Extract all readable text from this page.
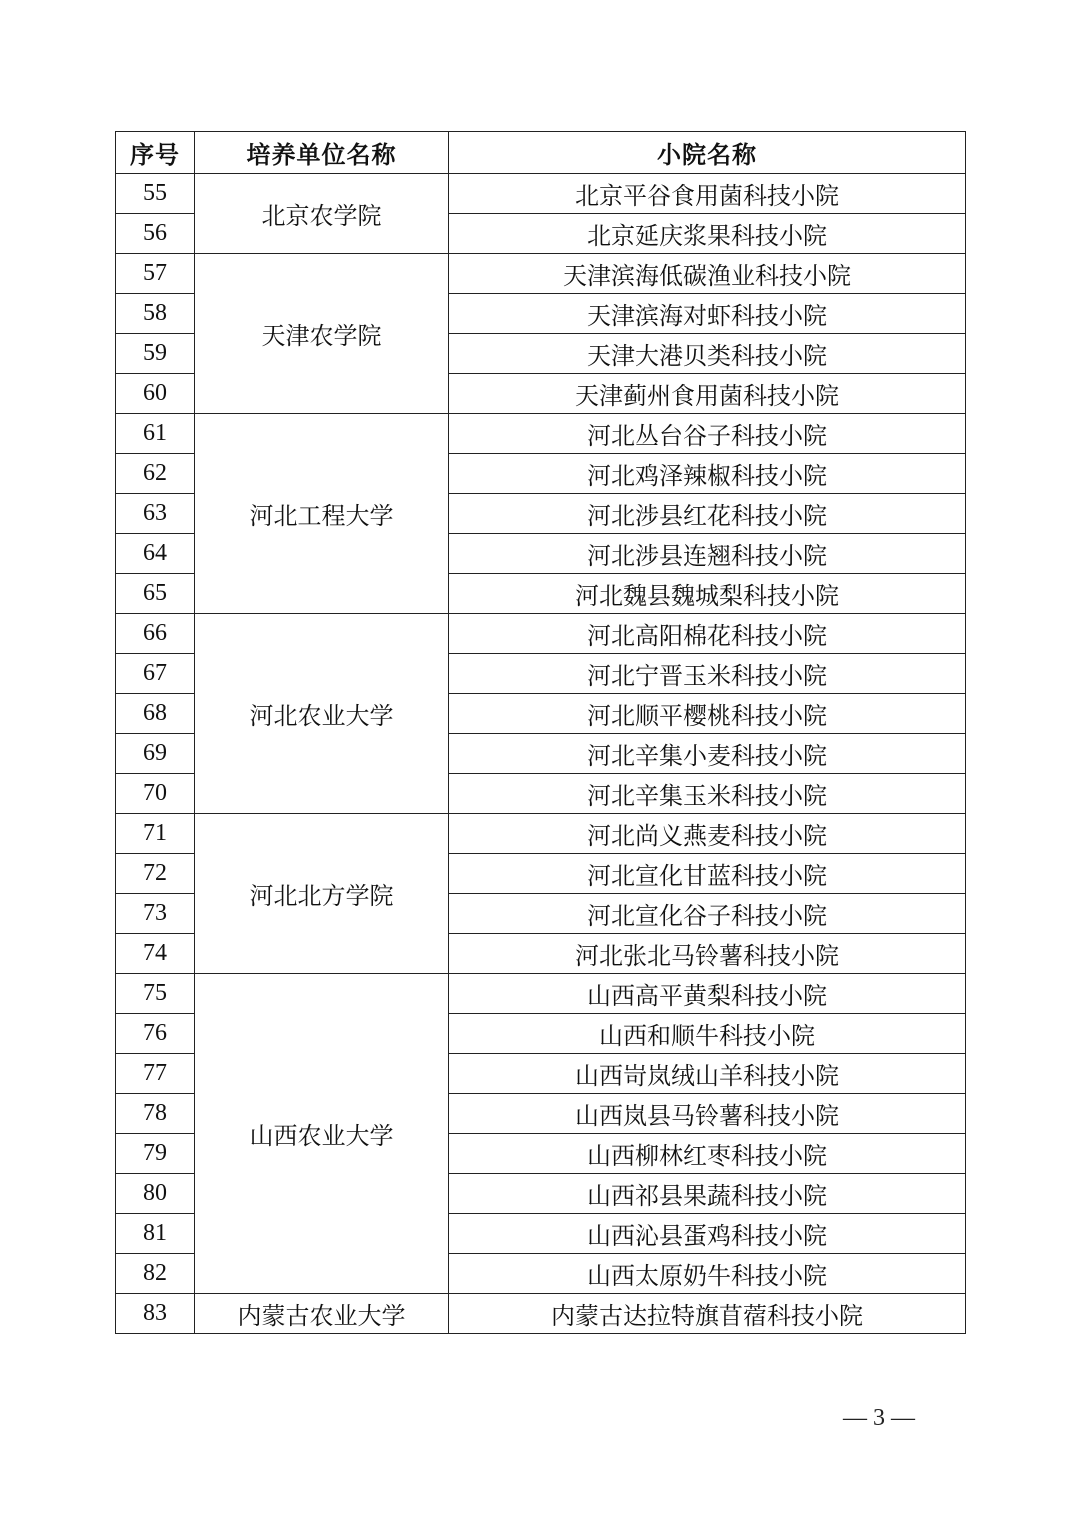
序号	培养单位名称	小院名称
55	北京农学院	北京平谷食用菌科技小院
56		北京延庆浆果科技小院
57	天津农学院	天津滨海低碳渔业科技小院
58		天津滨海对虾科技小院
59		天津大港贝类科技小院
60		天津蓟州食用菌科技小院
61	河北工程大学	河北丛台谷子科技小院
62		河北鸡泽辣椒科技小院
63		河北涉县红花科技小院
64		河北涉县连翘科技小院
65		河北魏县魏城梨科技小院
66	河北农业大学	河北高阳棉花科技小院
67		河北宁晋玉米科技小院
68		河北顺平樱桃科技小院
69		河北辛集小麦科技小院
70		河北辛集玉米科技小院
71	河北北方学院	河北尚义燕麦科技小院
72		河北宣化甘蓝科技小院
73		河北宣化谷子科技小院
74		河北张北马铃薯科技小院
75	山西农业大学	山西高平黄梨科技小院
76		山西和顺牛科技小院
77		山西岢岚绒山羊科技小院
78		山西岚县马铃薯科技小院
79		山西柳林红枣科技小院
80		山西祁县果蔬科技小院
81		山西沁县蛋鸡科技小院
82		山西太原奶牛科技小院
83	内蒙古农业大学	内蒙古达拉特旗苜蓿科技小院
— 3 —
